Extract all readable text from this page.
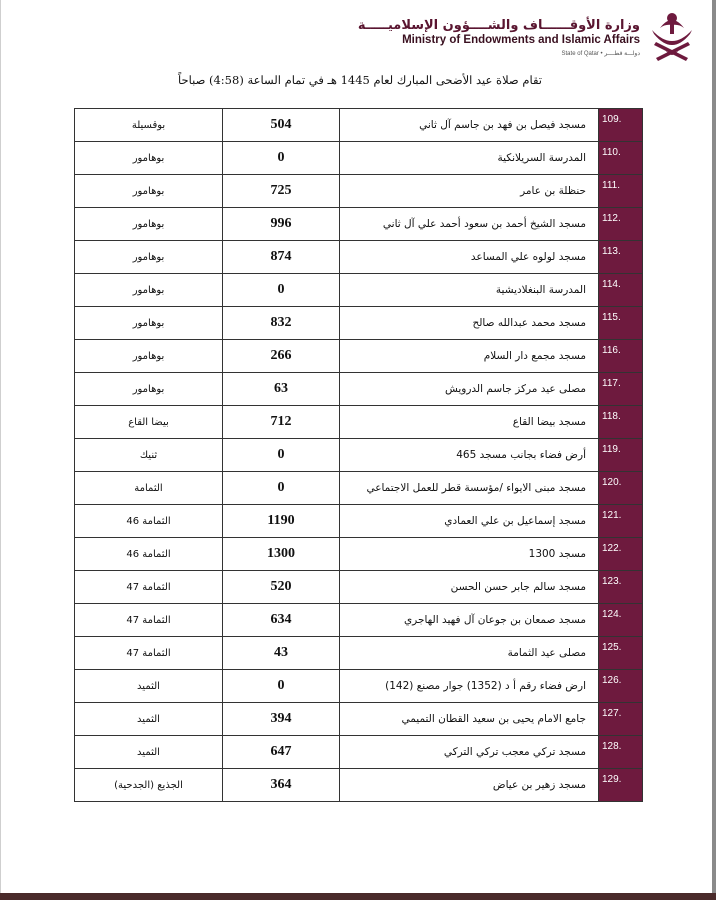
وزارة الأوقــــــاف والشــــؤون الإسلاميـــــة
Ministry of Endowments and Islamic Affairs
State of Qatar • دولـــة قطــــر
تقام صلاة عيد الأضحى المبارك لعام 1445 هـ في تمام الساعة (4:58) صباحاً
109.	مسجد فيصل بن فهد بن جاسم آل ثاني	504	بوقسيلة
110.	المدرسة السريلانكية	0	بوهامور
111.	حنظلة بن عامر	725	بوهامور
112.	مسجد الشيخ أحمد بن سعود أحمد علي آل ثاني	996	بوهامور
113.	مسجد لولوه علي المساعد	874	بوهامور
114.	المدرسة البنغلاديشية	0	بوهامور
115.	مسجد محمد عبدالله صالح	832	بوهامور
116.	مسجد مجمع دار السلام	266	بوهامور
117.	مصلى عيد مركز جاسم الدرويش	63	بوهامور
118.	مسجد بيضا القاع	712	بيضا القاع
119.	أرض فضاء بجانب مسجد 465	0	ثنيك
120.	مسجد مبنى الايواء /مؤسسة قطر للعمل الاجتماعي	0	الثمامة
121.	مسجد إسماعيل بن علي العمادي	1190	الثمامة 46
122.	مسجد 1300	1300	الثمامة 46
123.	مسجد سالم جابر حسن الحسن	520	الثمامة 47
124.	مسجد صمعان بن جوعان آل فهيد الهاجري	634	الثمامة 47
125.	مصلى عيد الثمامة	43	الثمامة 47
126.	ارض فضاء رقم أ د (1352) جوار مصنع (142)	0	الثميد
127.	جامع الامام يحيى بن سعيد القطان التميمي	394	الثميد
128.	مسجد تركي معجب تركي التركي	647	الثميد
129.	مسجد زهير بن عياض	364	الجذيع (الجدحية)
